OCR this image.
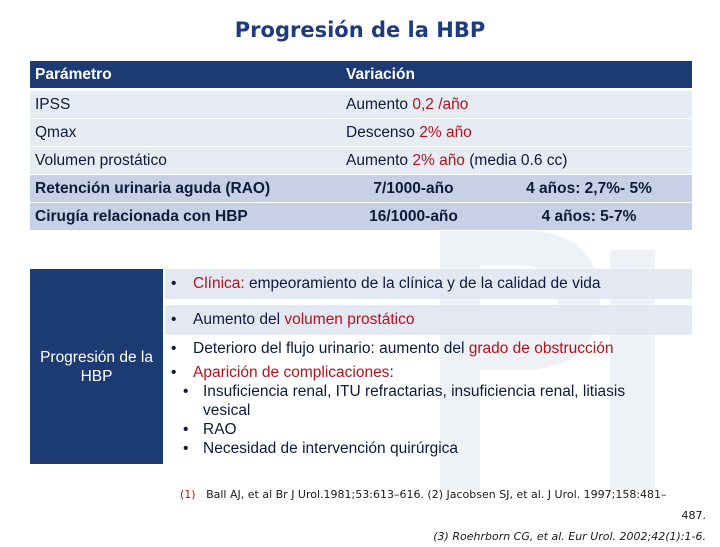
Progresión de la HBP
Parámetro	Variación	
IPSS	Aumento 0,2 /año	
Qmax	Descenso 2% año	
Volumen prostático	Aumento 2% año (media 0.6 cc)	
Retención urinaria aguda (RAO)	7/1000-año	4 años: 2,7%- 5%
Cirugía relacionada con HBP	16/1000-año	4 años: 5-7%
Progresión de la HBP
• Clínica: empeoramiento de la clínica y de la calidad de vida
• Aumento del volumen prostático
• Deterioro del flujo urinario: aumento del grado de obstrucción
• Aparición de complicaciones:
• Insuficiencia renal, ITU refractarias, insuficiencia renal, litiasis vesical
• RAO
• Necesidad de intervención quirúrgica
(1) Ball AJ, et al Br J Urol.1981;53:613–616. (2) Jacobsen SJ, et al. J Urol. 1997;158:481–
487.
(3) Roehrborn CG, et al. Eur Urol. 2002;42(1):1-6.
